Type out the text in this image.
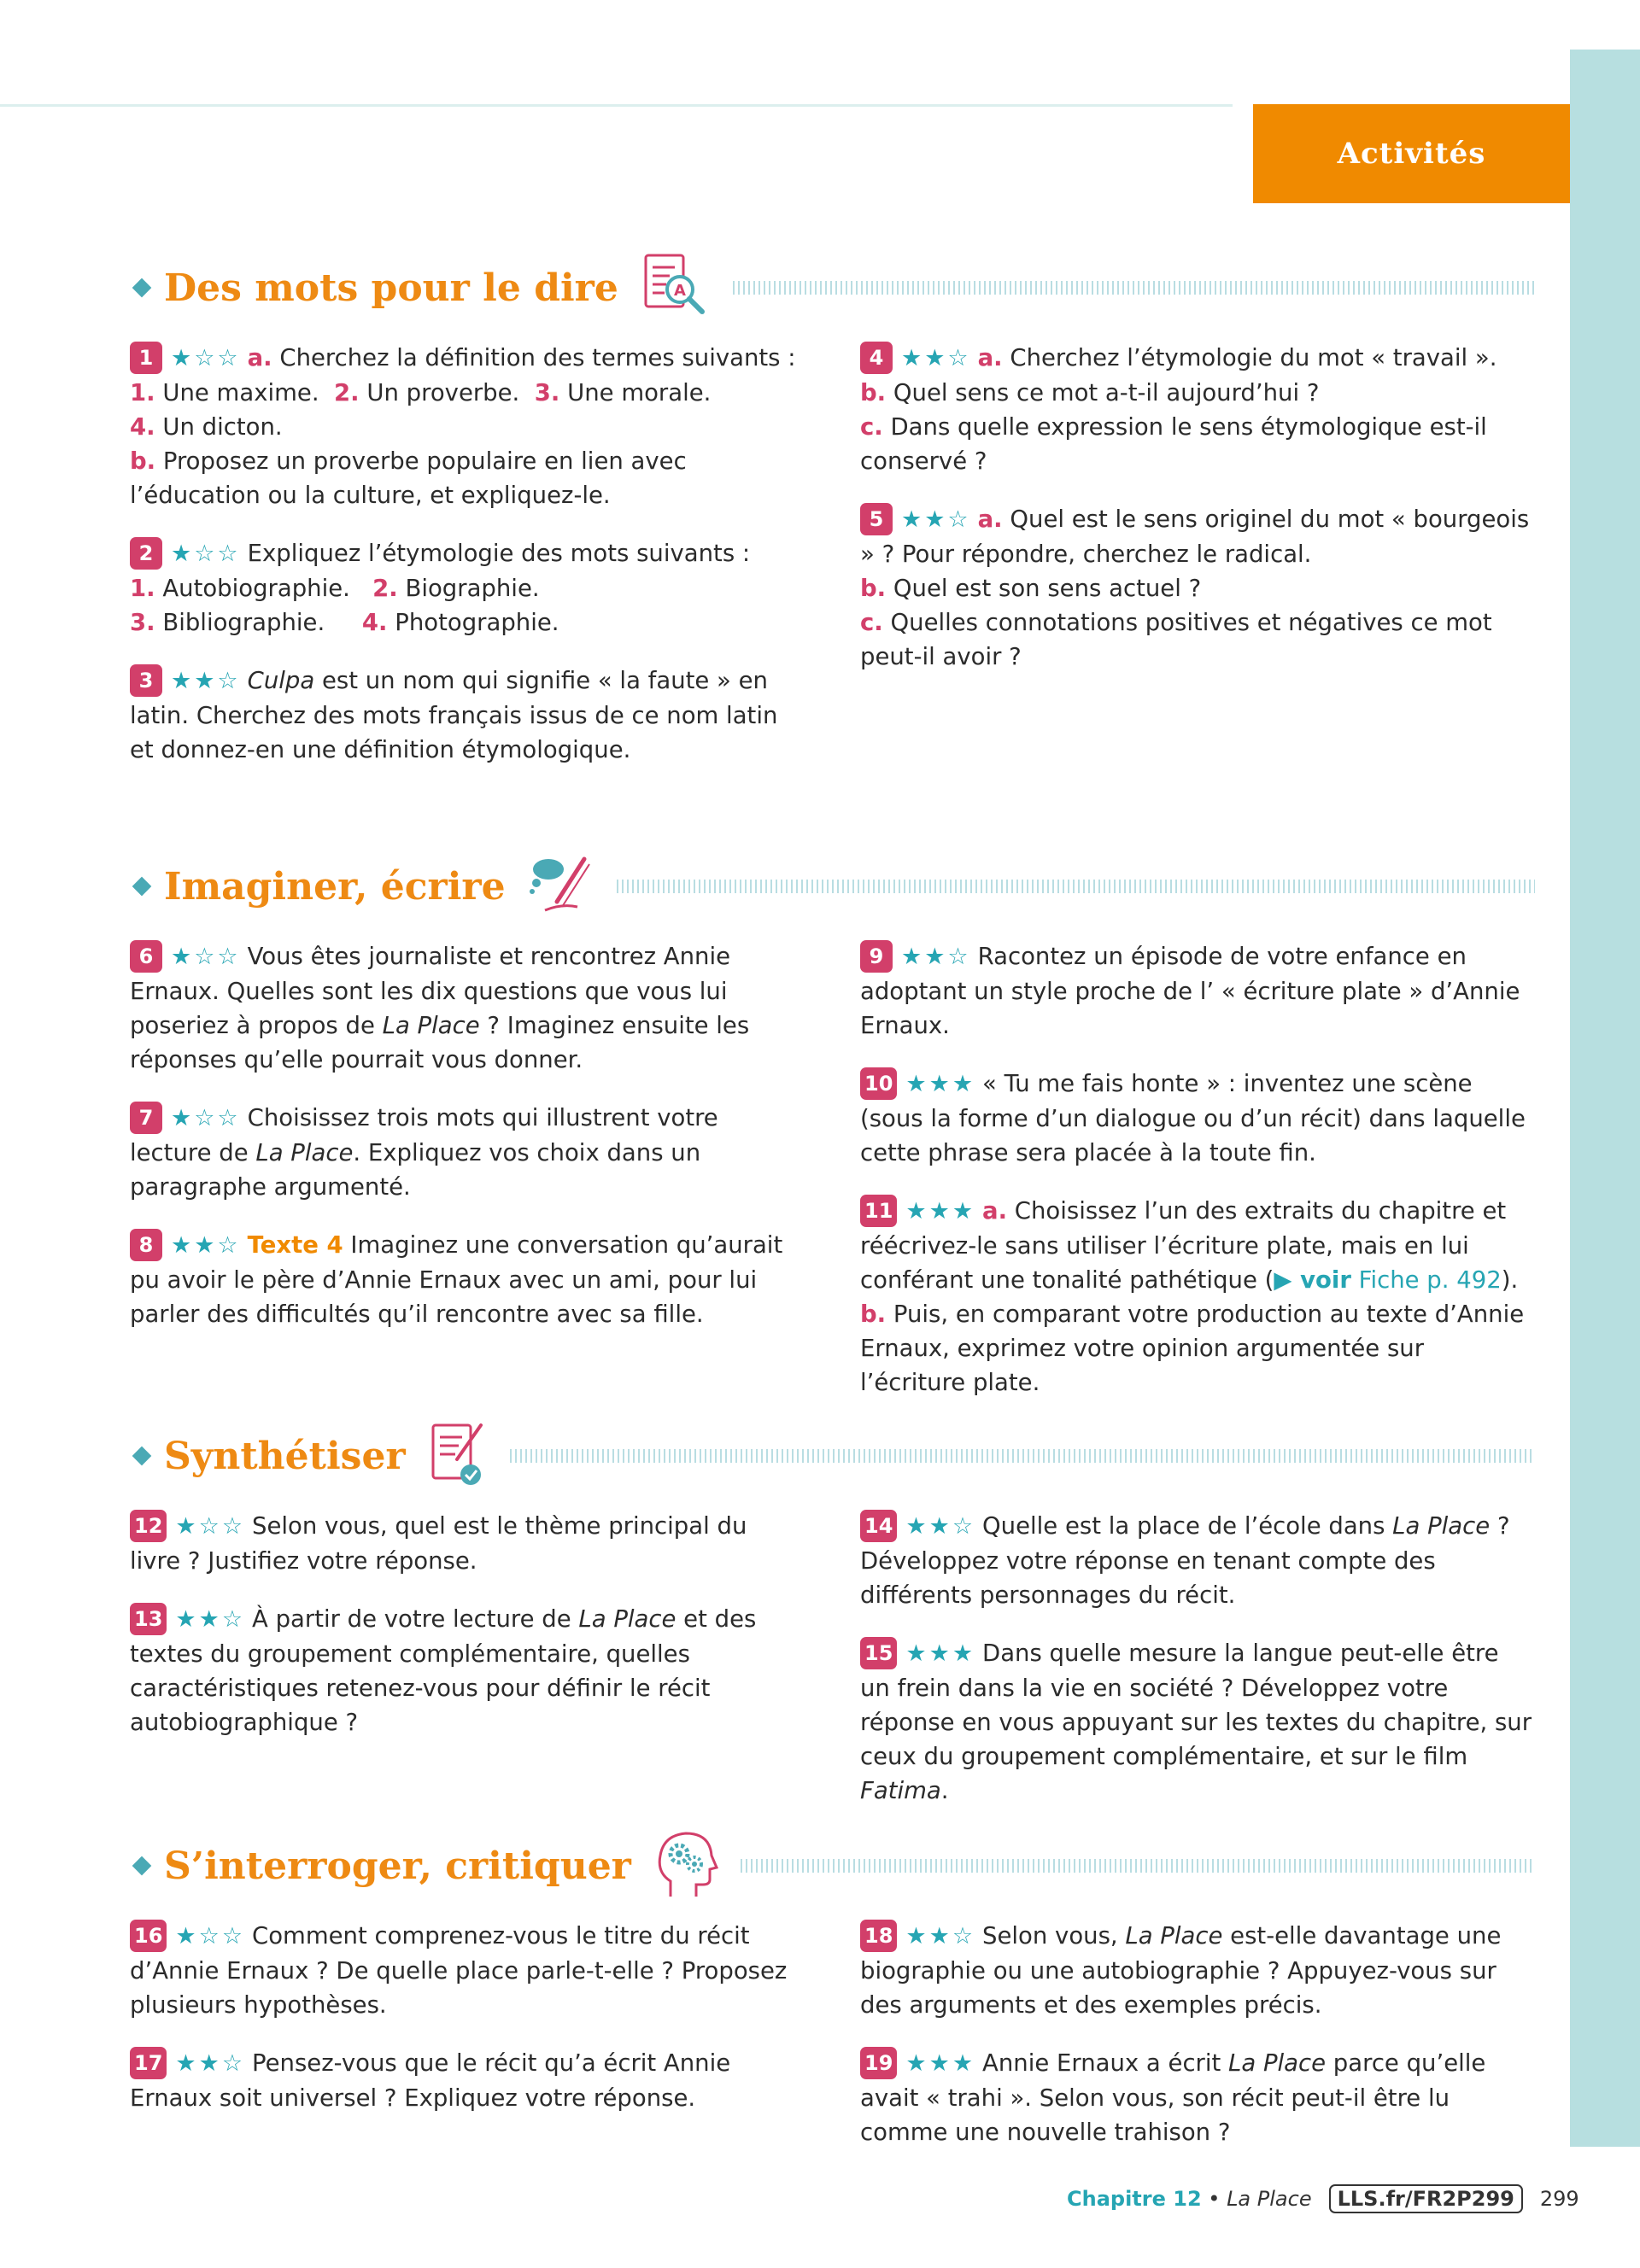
Activités
Des mots pour le dire	A
1 ★☆☆ a. Cherchez la définition des termes suivants :
1. Une maxime.  2. Un proverbe.  3. Une morale.
4. Un dicton.
b. Proposez un proverbe populaire en lien avec l’éducation ou la culture, et expliquez-le.
2 ★☆☆ Expliquez l’étymologie des mots suivants :
1. Autobiographie.   2. Biographie.
3. Bibliographie.     4. Photographie.
3 ★★☆ Culpa est un nom qui signifie « la faute » en latin. Cherchez des mots français issus de ce nom latin et donnez-en une définition étymologique.
4 ★★☆ a. Cherchez l’étymologie du mot « travail ».
b. Quel sens ce mot a-t-il aujourd’hui ?
c. Dans quelle expression le sens étymologique est-il conservé ?
5 ★★☆ a. Quel est le sens originel du mot « bourgeois » ? Pour répondre, cherchez le radical.
b. Quel est son sens actuel ?
c. Quelles connotations positives et négatives ce mot peut-il avoir ?
Imaginer, écrire
6 ★☆☆ Vous êtes journaliste et rencontrez Annie Ernaux. Quelles sont les dix questions que vous lui poseriez à propos de La Place ? Imaginez ensuite les réponses qu’elle pourrait vous donner.
7 ★☆☆ Choisissez trois mots qui illustrent votre lecture de La Place. Expliquez vos choix dans un paragraphe argumenté.
8 ★★☆ Texte 4 Imaginez une conversation qu’aurait pu avoir le père d’Annie Ernaux avec un ami, pour lui parler des difficultés qu’il rencontre avec sa fille.
9 ★★☆ Racontez un épisode de votre enfance en adoptant un style proche de l’ « écriture plate » d’Annie Ernaux.
10 ★★★ « Tu me fais honte » : inventez une scène (sous la forme d’un dialogue ou d’un récit) dans laquelle cette phrase sera placée à la toute fin.
11 ★★★ a. Choisissez l’un des extraits du chapitre et réécrivez-le sans utiliser l’écriture plate, mais en lui conférant une tonalité pathétique (▶ voir Fiche p. 492).
b. Puis, en comparant votre production au texte d’Annie Ernaux, exprimez votre opinion argumentée sur l’écriture plate.
Synthétiser
12 ★☆☆ Selon vous, quel est le thème principal du livre ? Justifiez votre réponse.
13 ★★☆ À partir de votre lecture de La Place et des textes du groupement complémentaire, quelles caractéristiques retenez-vous pour définir le récit autobiographique ?
14 ★★☆ Quelle est la place de l’école dans La Place ? Développez votre réponse en tenant compte des différents personnages du récit.
15 ★★★ Dans quelle mesure la langue peut-elle être un frein dans la vie en société ? Développez votre réponse en vous appuyant sur les textes du chapitre, sur ceux du groupement complémentaire, et sur le film Fatima.
S’interroger, critiquer
16 ★☆☆ Comment comprenez-vous le titre du récit d’Annie Ernaux ? De quelle place parle-t-elle ? Proposez plusieurs hypothèses.
17 ★★☆ Pensez-vous que le récit qu’a écrit Annie Ernaux soit universel ? Expliquez votre réponse.
18 ★★☆ Selon vous, La Place est-elle davantage une biographie ou une autobiographie ? Appuyez-vous sur des arguments et des exemples précis.
19 ★★★ Annie Ernaux a écrit La Place parce qu’elle avait « trahi ». Selon vous, son récit peut-il être lu comme une nouvelle trahison ?
Chapitre 12 • La Place	LLS.fr/FR2P299	299
